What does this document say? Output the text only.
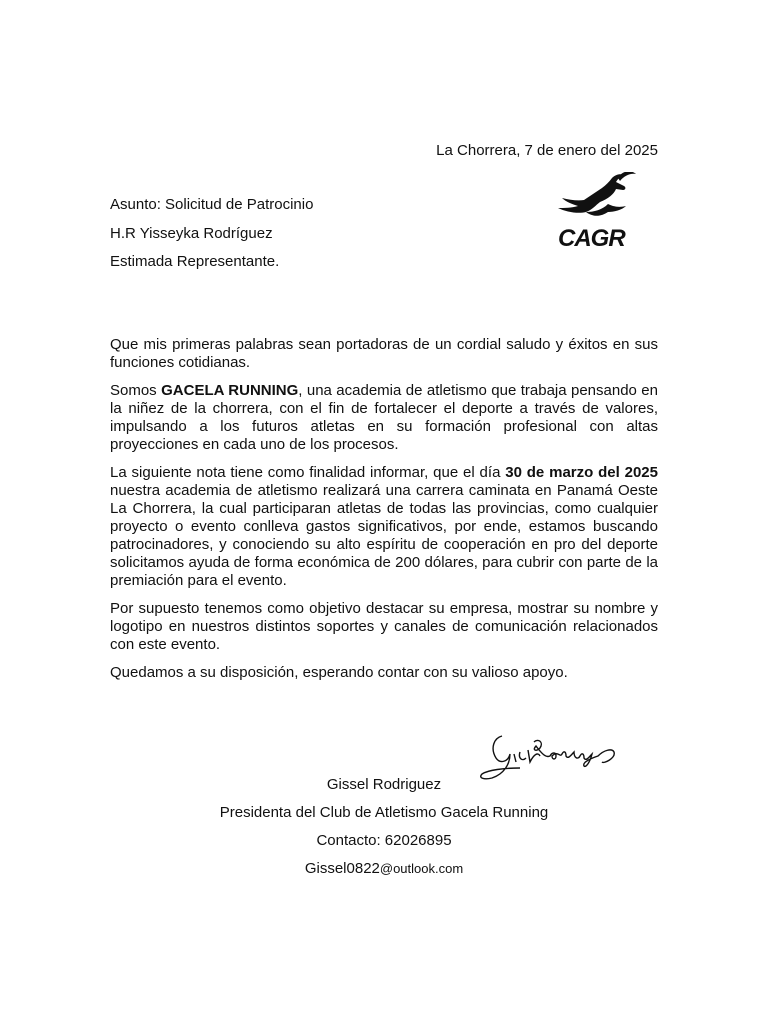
La Chorrera, 7 de enero del 2025
CAGR
Asunto: Solicitud de Patrocinio
H.R Yisseyka Rodríguez
Estimada Representante.

Que mis primeras palabras sean portadoras de un cordial saludo y éxitos en sus funciones cotidianas.

Somos GACELA RUNNING, una academia de atletismo que trabaja pensando en la niñez de la chorrera, con el fin de fortalecer el deporte a través de valores, impulsando a los futuros atletas en su formación profesional con altas proyecciones en cada uno de los procesos.

La siguiente nota tiene como finalidad informar, que el día 30 de marzo del 2025 nuestra academia de atletismo realizará una carrera caminata en Panamá Oeste La Chorrera, la cual participaran atletas de todas las provincias, como cualquier proyecto o evento conlleva gastos significativos, por ende, estamos buscando patrocinadores, y conociendo su alto espíritu de cooperación en pro del deporte solicitamos ayuda de forma económica de 200 dólares, para cubrir con parte de la premiación para el evento.

Por supuesto tenemos como objetivo destacar su empresa, mostrar su nombre y logotipo en nuestros distintos soportes y canales de comunicación relacionados con este evento.

Quedamos a su disposición, esperando contar con su valioso apoyo.

Gissel Rodriguez
Presidenta del Club de Atletismo Gacela Running
Contacto: 62026895
Gissel0822@outlook.com
